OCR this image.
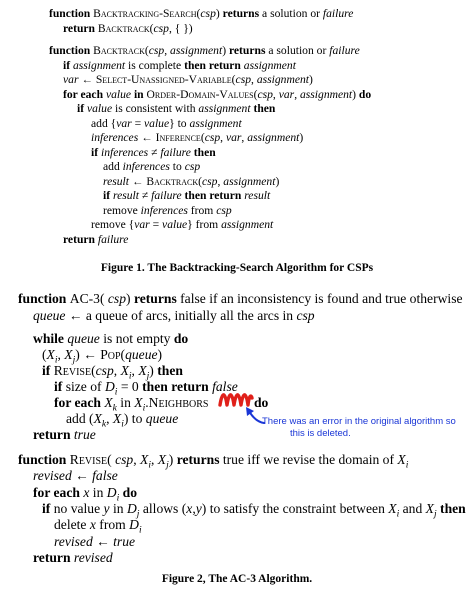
function Backtracking-Search(csp) returns a solution or failure
return Backtrack(csp, { })
function Backtrack(csp, assignment) returns a solution or failure
if assignment is complete then return assignment
var ← Select-Unassigned-Variable(csp, assignment)
for each value in Order-Domain-Values(csp, var, assignment) do
if value is consistent with assignment then
add {var = value} to assignment
inferences ← Inference(csp, var, assignment)
if inferences ≠ failure then
add inferences to csp
result ← Backtrack(csp, assignment)
if result ≠ failure then return result
remove inferences from csp
remove {var = value} from assignment
return failure
Figure 1. The Backtracking-Search Algorithm for CSPs
function AC-3( csp) returns false if an inconsistency is found and true otherwise
queue ← a queue of arcs, initially all the arcs in csp
while queue is not empty do
($X_i$, $X_j$) ← Pop(queue)
if Revise(csp, $X_i$, $X_j$) then
if size of $D_i = 0$ then return false
for each $X_k$ in $X_i.Neighbors$
add ($X_k$, $X_i$) to queue
return true
function Revise( csp, $X_i$, $X_j$) returns true iff we revise the domain of $X_i$
revised ← false
for each x in $D_i$ do
if no value y in $D_j$ allows (x,y) to satisfy the constraint between $X_i$ and $X_j$ then
delete x from $D_i$
revised ← true
return revised
do
There was an error in the original algorithm so
this is deleted.
Figure 2, The AC-3 Algorithm.
